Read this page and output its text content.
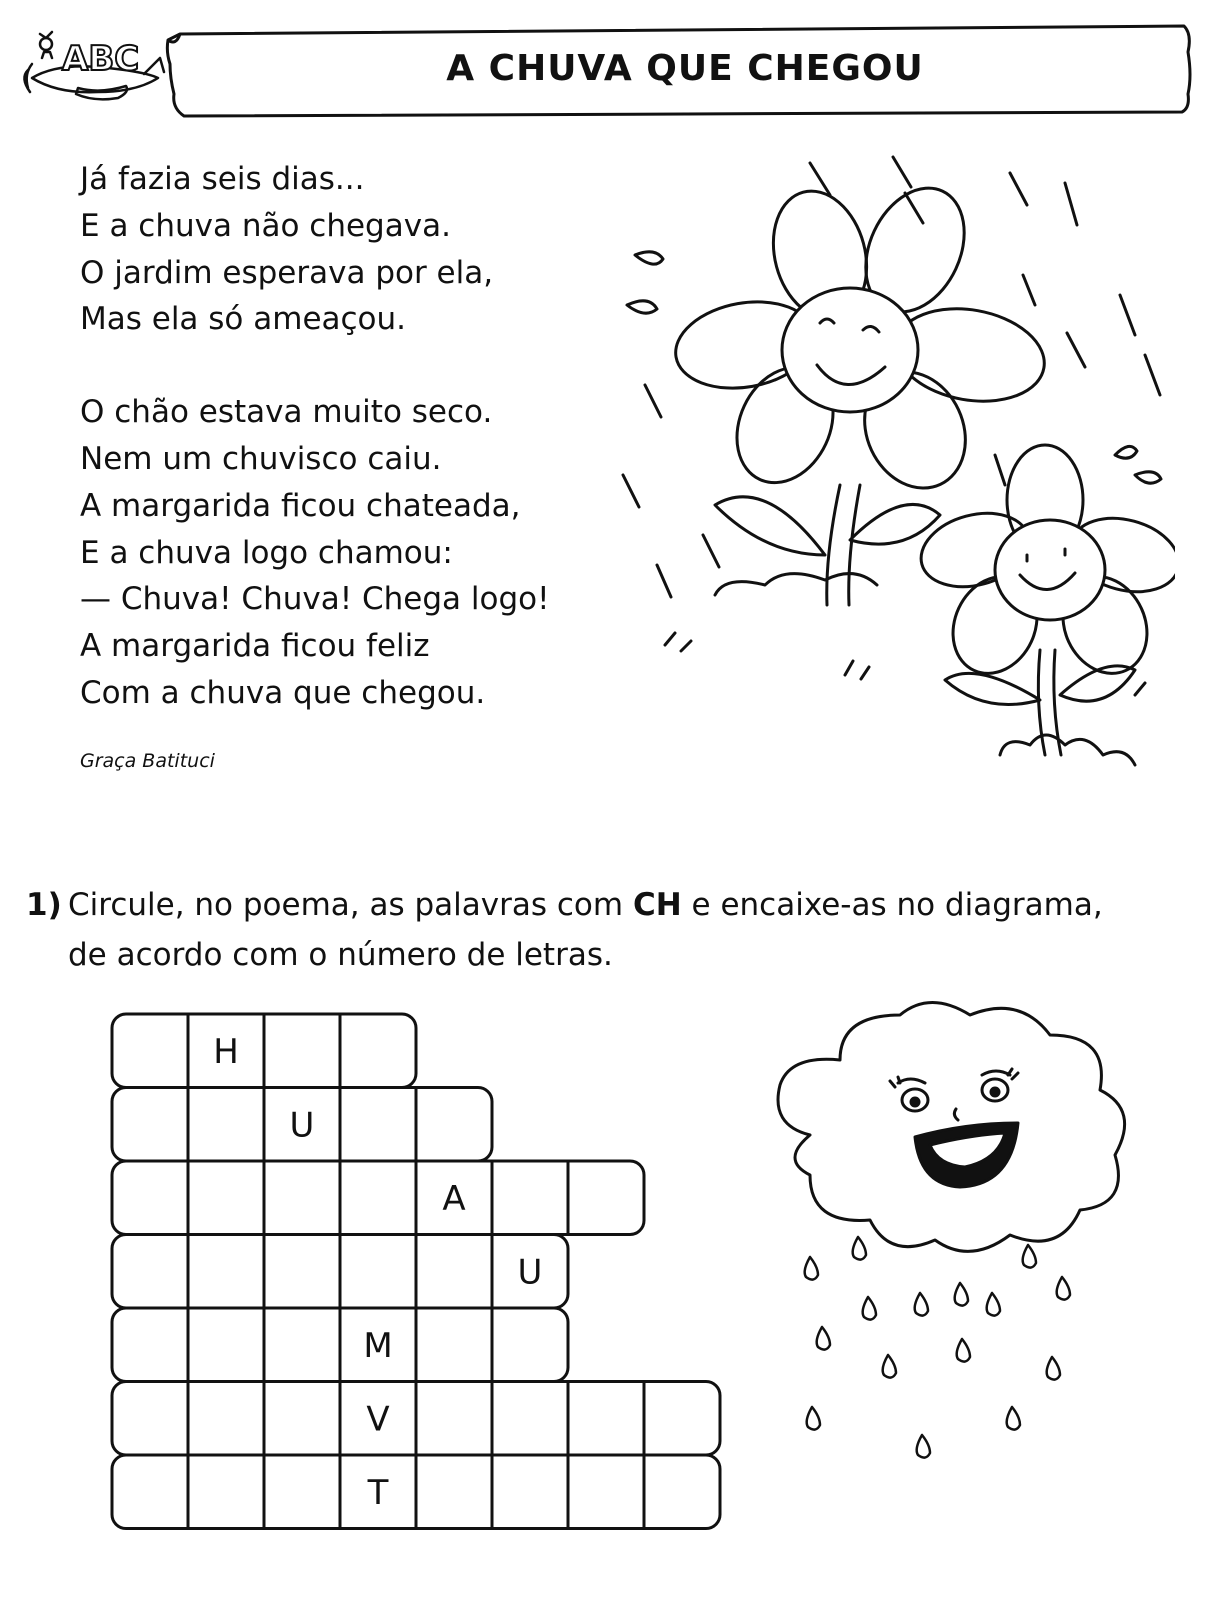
ABC	A CHUVA QUE CHEGOU
Já fazia seis dias...
E a chuva não chegava.
O jardim esperava por ela,
Mas ela só ameaçou.
O chão estava muito seco.
Nem um chuvisco caiu.
A margarida ficou chateada,
E a chuva logo chamou:
— Chuva! Chuva! Chega logo!
A margarida ficou feliz
Com a chuva que chegou.
Graça Batituci
1) Circule, no poema, as palavras com CH e encaixe-as no diagrama,
de acordo com o número de letras.
H
U
A
U
M
V
T
